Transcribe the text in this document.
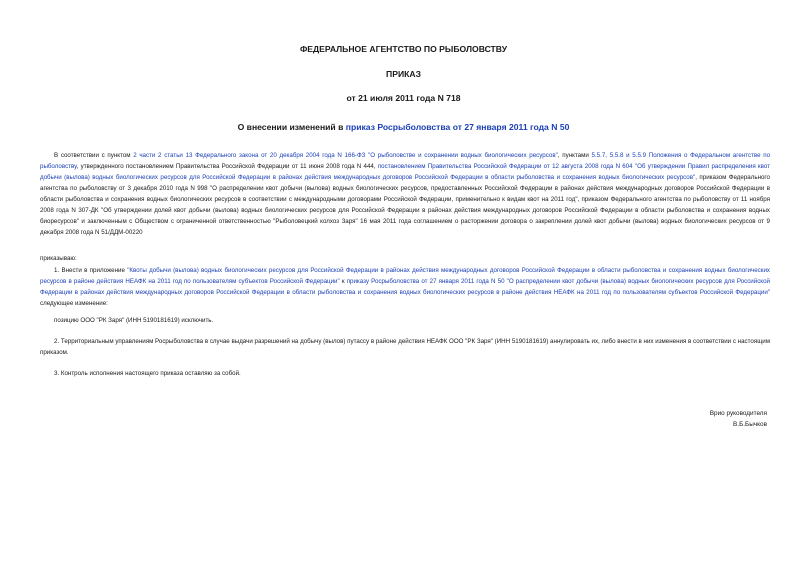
ФЕДЕРАЛЬНОЕ АГЕНТСТВО ПО РЫБОЛОВСТВУ
ПРИКАЗ
от 21 июля 2011 года N 718
О внесении изменений в приказ Росрыболовства от 27 января 2011 года N 50

В соответствии с пунктом 2 части 2 статьи 13 Федерального закона от 20 декабря 2004 года N 166-ФЗ "О рыболовстве и сохранении водных биологических ресурсов", пунктами 5.5.7, 5.5.8 и 5.5.9 Положения о Федеральном агентстве по рыболовству, утвержденного постановлением Правительства Российской Федерации от 11 июня 2008 года N 444, постановлением Правительства Российской Федерации от 12 августа 2008 года N 604 "Об утверждении Правил распределения квот добычи (вылова) водных биологических ресурсов для Российской Федерации в районах действия международных договоров Российской Федерации в области рыболовства и сохранения водных биологических ресурсов", приказом Федерального агентства по рыболовству от 3 декабря 2010 года N 998 "О распределении квот добычи (вылова) водных биологических ресурсов, предоставленных Российской Федерации в районах действия международных договоров Российской Федерации в области рыболовства и сохранения водных биологических ресурсов в соответствии с международными договорами Российской Федерации, применительно к видам квот на 2011 год", приказом Федерального агентства по рыболовству от 11 ноября 2008 года N 307-ДК "Об утверждении долей квот добычи (вылова) водных биологических ресурсов для Российской Федерации в районах действия международных договоров Российской Федерации в области рыболовства и сохранения водных биоресурсов" и заключенным с Обществом с ограниченной ответственностью "Рыболовецкий колхоз Заря" 16 мая 2011 года соглашением о расторжении договора о закреплении долей квот добычи (вылова) водных биологических ресурсов от 9 декабря 2008 года N 51/ДДМ-00220

приказываю:

1. Внести в приложение "Квоты добычи (вылова) водных биологических ресурсов для Российской Федерации в районах действия международных договоров Российской Федерации в области рыболовства и сохранения водных биологических ресурсов в районе действия НЕАФК на 2011 год по пользователям субъектов Российской Федерации" к приказу Росрыболовства от 27 января 2011 года N 50 "О распределении квот добычи (вылова) водных биологических ресурсов для Российской Федерации в районах действия международных договоров Российской Федерации в области рыболовства и сохранения водных биологических ресурсов в районе действия НЕАФК на 2011 год по пользователям субъектов Российской Федерации" следующее изменение:

позицию ООО "РК Заря" (ИНН 5190181619) исключить.

2. Территориальным управлениям Росрыболовства в случае выдачи разрешений на добычу (вылов) путассу в районе действия НЕАФК ООО "РК Заря" (ИНН 5190181619) аннулировать их, либо внести в них изменения в соответствии с настоящим приказом.

3. Контроль исполнения настоящего приказа оставляю за собой.

Врио руководителя
В.Б.Бычков
